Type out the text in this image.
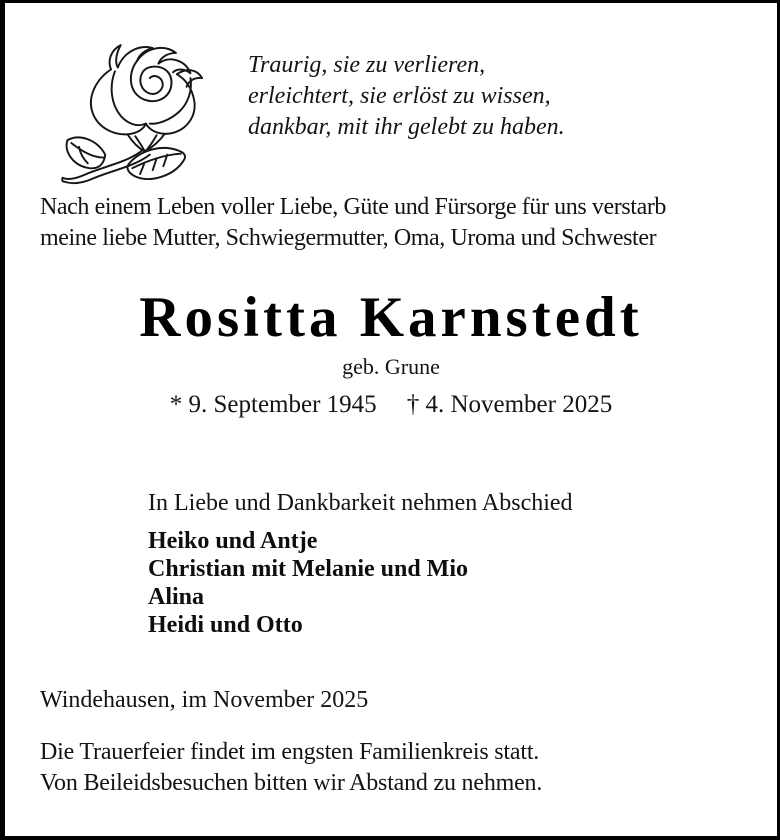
Traurig, sie zu verlieren,
erleichtert, sie erlöst zu wissen,
dankbar, mit ihr gelebt zu haben.
Nach einem Leben voller Liebe, Güte und Fürsorge für uns verstarb
meine liebe Mutter, Schwiegermutter, Oma, Uroma und Schwester
Rositta Karnstedt
geb. Grune
* 9. September 1945 † 4. November 2025
In Liebe und Dankbarkeit nehmen Abschied
Heiko und Antje
Christian mit Melanie und Mio
Alina
Heidi und Otto
Windehausen, im November 2025
Die Trauerfeier findet im engsten Familienkreis statt.
Von Beileidsbesuchen bitten wir Abstand zu nehmen.
